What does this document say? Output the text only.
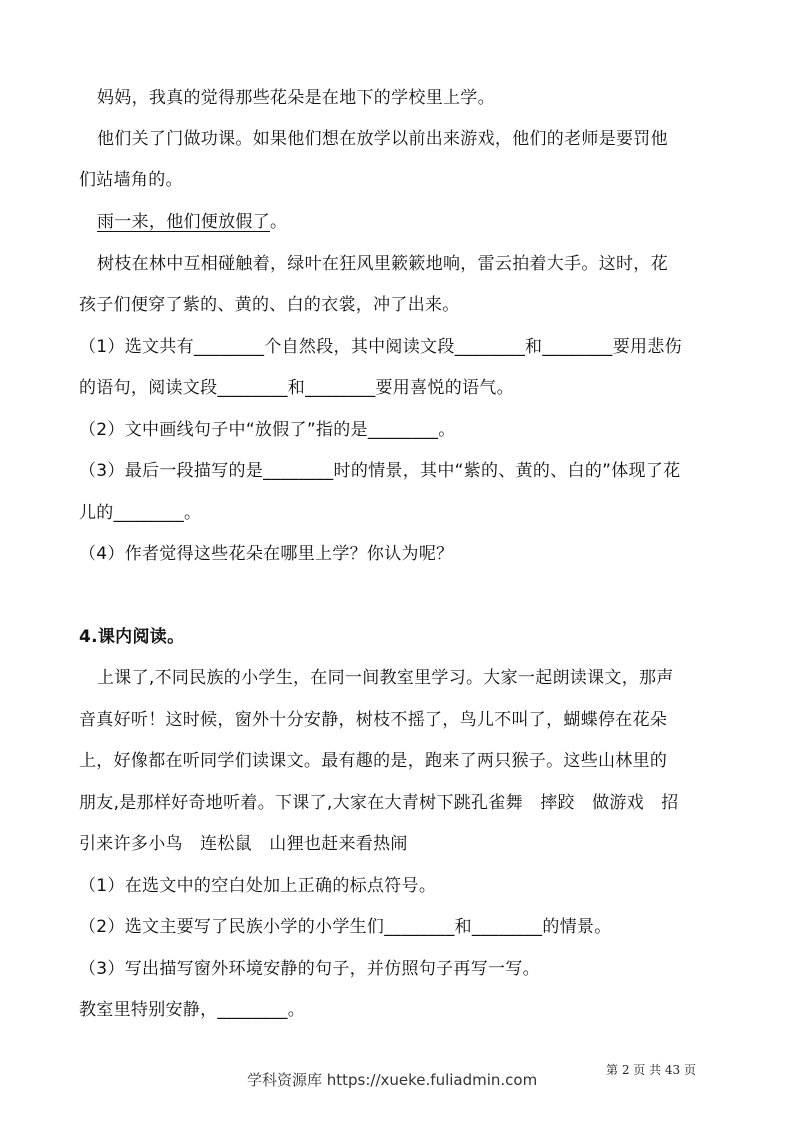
妈妈，我真的觉得那些花朵是在地下的学校里上学。
他们关了门做功课。如果他们想在放学以前出来游戏，他们的老师是要罚他
们站墙角的。
雨一来，他们便放假了。
树枝在林中互相碰触着，绿叶在狂风里簌簌地响，雷云拍着大手。这时，花
孩子们便穿了紫的、黄的、白的衣裳，冲了出来。
（1）选文共有________个自然段，其中阅读文段________和________要用悲伤
的语句，阅读文段________和________要用喜悦的语气。
（2）文中画线句子中“放假了”指的是________。
（3）最后一段描写的是________时的情景，其中“紫的、黄的、白的”体现了花
儿的________。
（4）作者觉得这些花朵在哪里上学？你认为呢？
4.课内阅读。
上课了,不同民族的小学生，在同一间教室里学习。大家一起朗读课文，那声
音真好听！这时候，窗外十分安静，树枝不摇了，鸟儿不叫了，蝴蝶停在花朵
上，好像都在听同学们读课文。最有趣的是，跑来了两只猴子。这些山林里的
朋友,是那样好奇地听着。下课了,大家在大青树下跳孔雀舞　摔跤　做游戏　招
引来许多小鸟　连松鼠　山狸也赶来看热闹
（1）在选文中的空白处加上正确的标点符号。
（2）选文主要写了民族小学的小学生们________和________的情景。
（3）写出描写窗外环境安静的句子，并仿照句子再写一写。
教室里特别安静，________。
第 2 页 共 43 页
学科资源库 https://xueke.fuliadmin.com
